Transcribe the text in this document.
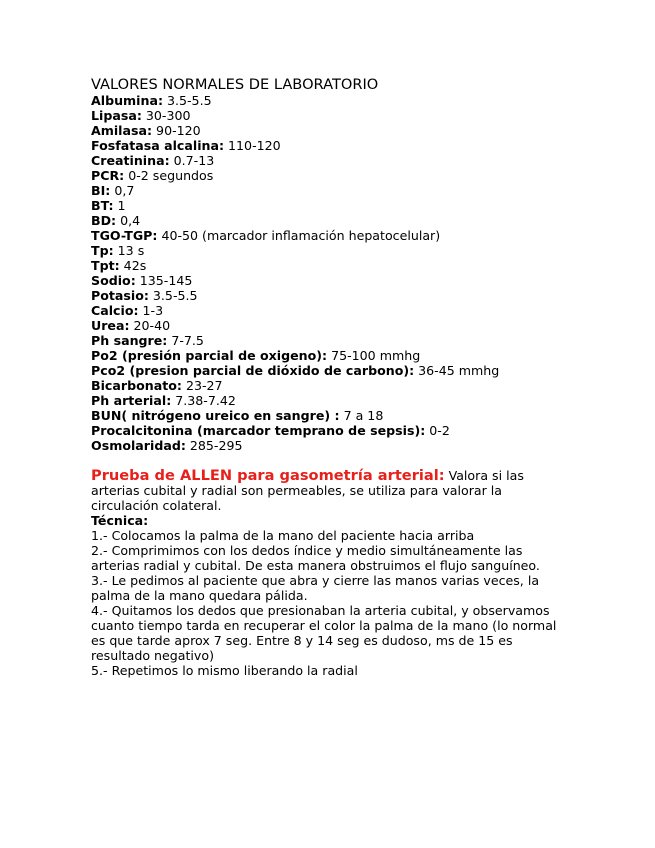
VALORES NORMALES DE LABORATORIO
Albumina: 3.5-5.5
Lipasa: 30-300
Amilasa: 90-120
Fosfatasa alcalina: 110-120
Creatinina: 0.7-13
PCR: 0-2 segundos
BI: 0,7
BT: 1
BD: 0,4
TGO-TGP: 40-50 (marcador inflamación hepatocelular)
Tp: 13 s
Tpt: 42s
Sodio: 135-145
Potasio: 3.5-5.5
Calcio: 1-3
Urea: 20-40
Ph sangre: 7-7.5
Po2 (presión parcial de oxigeno): 75-100 mmhg
Pco2 (presion parcial de dióxido de carbono): 36-45 mmhg
Bicarbonato: 23-27
Ph arterial: 7.38-7.42
BUN( nitrógeno ureico en sangre) : 7 a 18
Procalcitonina (marcador temprano de sepsis): 0-2
Osmolaridad: 285-295
Prueba de ALLEN para gasometría arterial: Valora si las arterias cubital y radial son permeables, se utiliza para valorar la circulación colateral.
Técnica:
1.- Colocamos la palma de la mano del paciente hacia arriba
2.- Comprimimos con los dedos índice y medio simultáneamente las arterias radial y cubital. De esta manera obstruimos el flujo sanguíneo.
3.- Le pedimos al paciente que abra y cierre las manos varias veces, la palma de la mano quedara pálida.
4.- Quitamos los dedos que presionaban la arteria cubital, y observamos cuanto tiempo tarda en recuperar el color la palma de la mano (lo normal es que tarde aprox 7 seg. Entre 8 y 14 seg es dudoso, ms de 15 es resultado negativo)
5.- Repetimos lo mismo liberando la radial
